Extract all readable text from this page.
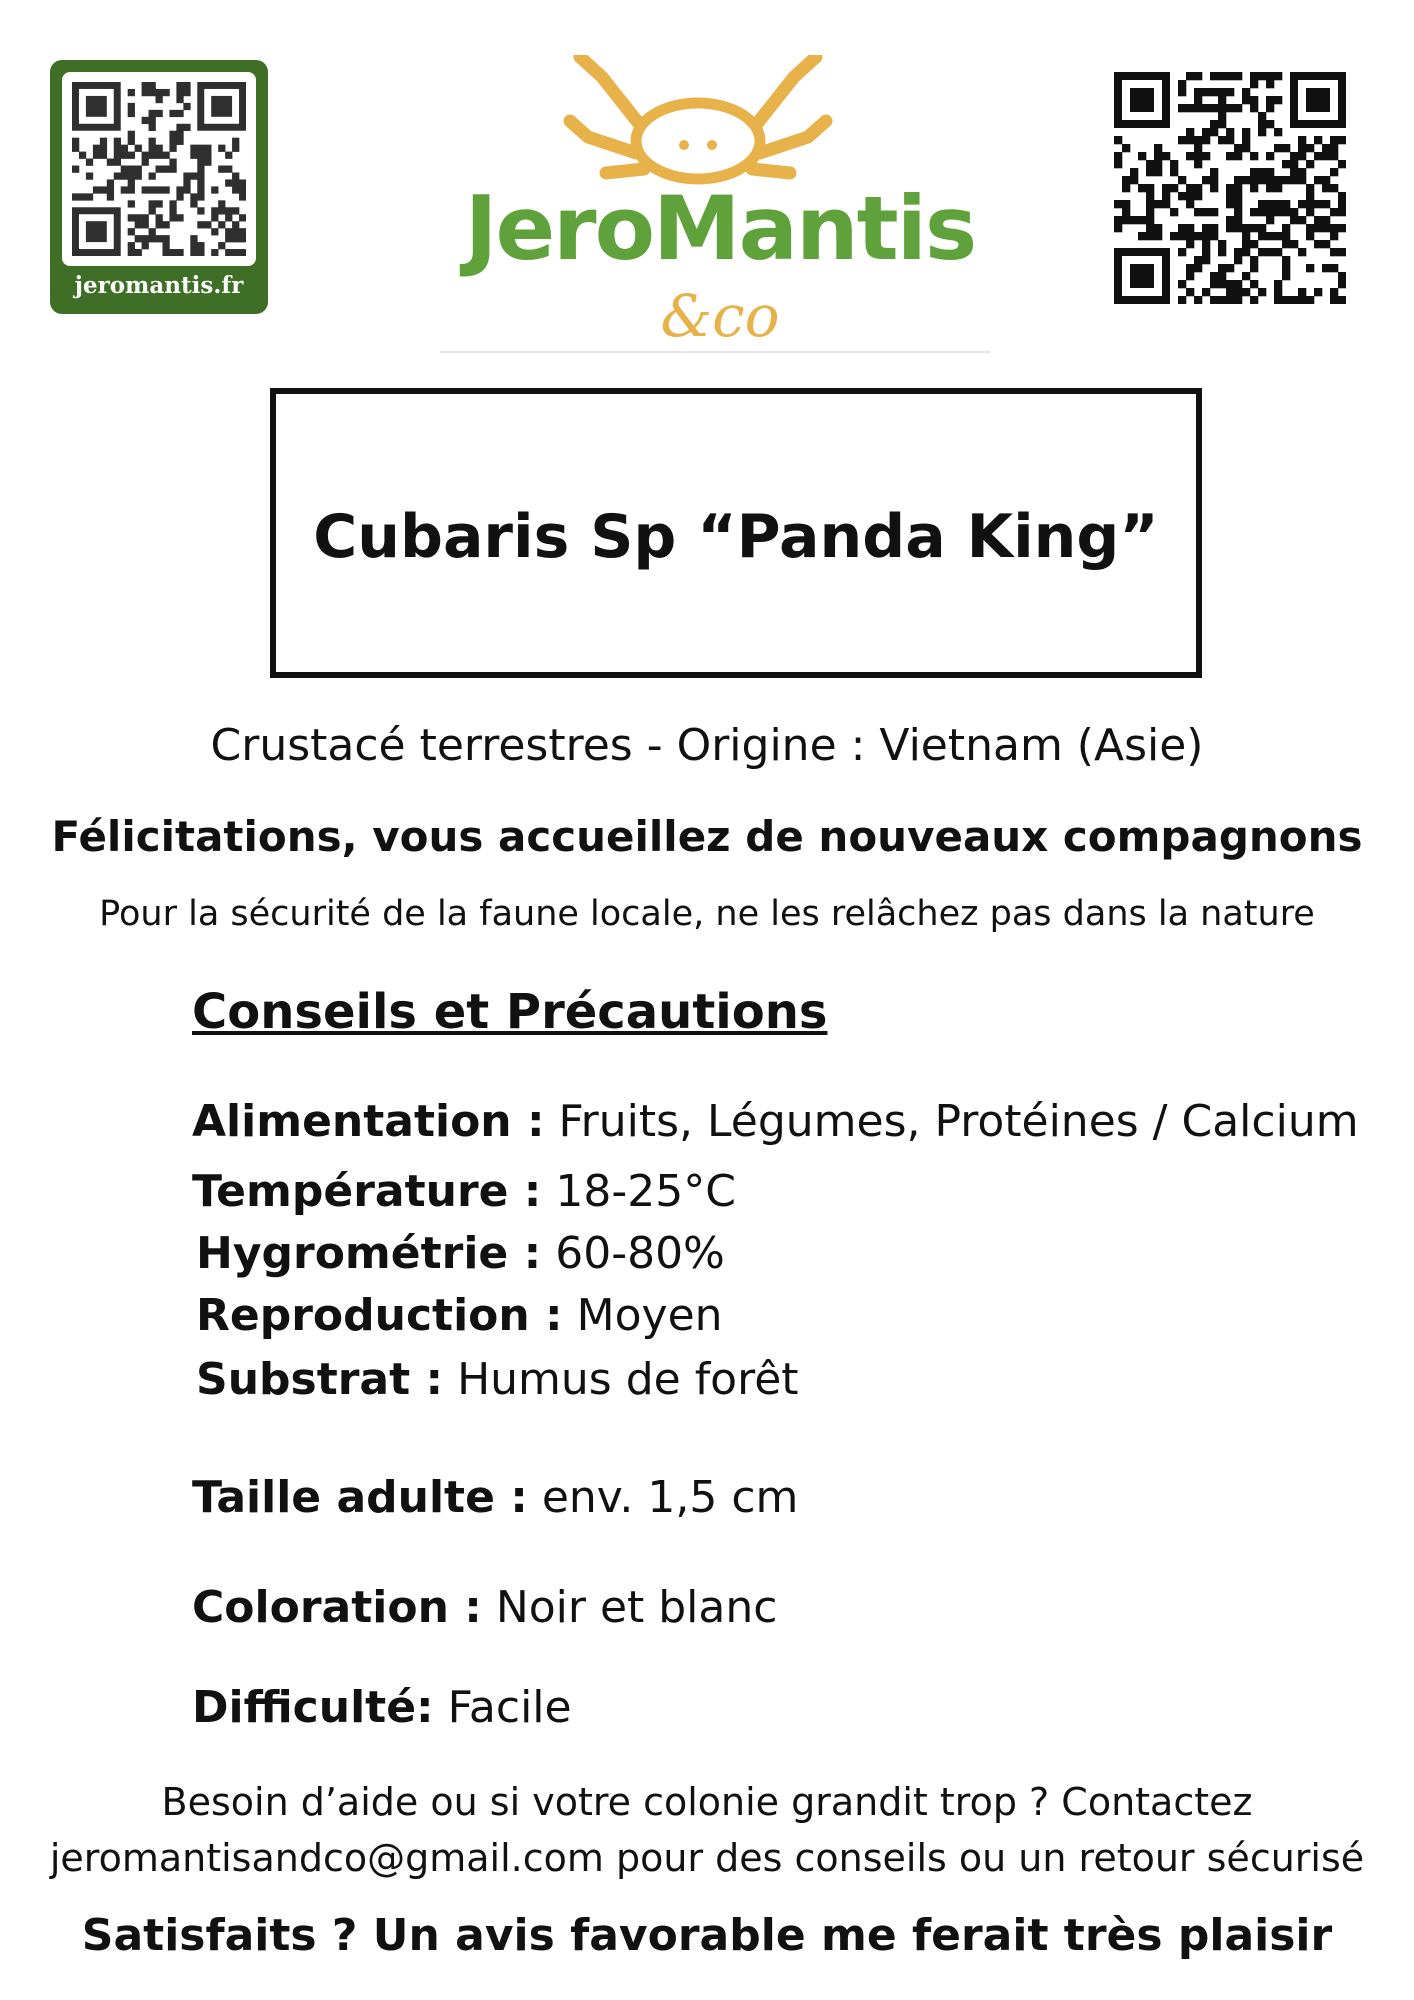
jeromantis.fr
JeroMantis
&co
Cubaris Sp “Panda King”
Crustacé terrestres - Origine : Vietnam (Asie)
Félicitations, vous accueillez de nouveaux compagnons
Pour la sécurité de la faune locale, ne les relâchez pas dans la nature
Conseils et Précautions
Alimentation : Fruits, Légumes, Protéines / Calcium
Température : 18-25°C
Hygrométrie : 60-80%
Reproduction : Moyen
Substrat : Humus de forêt
Taille adulte : env. 1,5 cm
Coloration : Noir et blanc
Difficulté: Facile
Besoin d’aide ou si votre colonie grandit trop ? Contactez
jeromantisandco@gmail.com pour des conseils ou un retour sécurisé
Satisfaits ? Un avis favorable me ferait très plaisir
